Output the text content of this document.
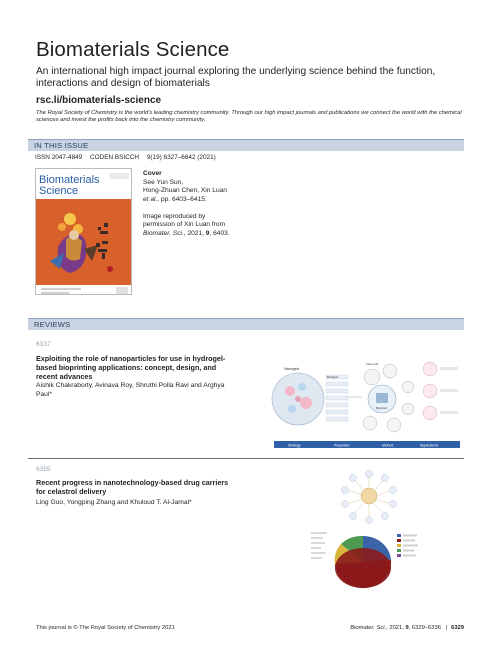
Biomaterials Science
An international high impact journal exploring the underlying science behind the function, interactions and design of biomaterials
rsc.li/biomaterials-science
The Royal Society of Chemistry is the world's leading chemistry community. Through our high impact journals and publications we connect the world with the chemical sciences and invest the profits back into the chemistry community.
IN THIS ISSUE
ISSN 2047-4849 CODEN BSICCH 9(19) 6327–6642 (2021)
Biomaterials
Science
Cover
See Yun Sun,
Hong-Zhuan Chen, Xin Luan
et al., pp. 6403–6415.
Image reproduced by
permission of Xin Luan from
Biomater. Sci., 2021, 9, 6403.
REVIEWS
6337
Exploiting the role of nanoparticles for use in hydrogel-based bioprinting applications: concept, design, and recent advances
Aishik Chakraborty, Avinava Roy, Shruthi Polla Ravi and Arghya Paul*
Nanogels
Biological
Cell-to-cell
Bioprinter
Strategy	Properties	Method	Applications
6355
Recent progress in nanotechnology-based drug carriers for celastrol delivery
Ling Guo, Yongping Zhang and Khuloud T. Al-Jamal*
This journal is © The Royal Society of Chemistry 2021	Biomater. Sci., 2021, 9, 6329–6336 | 6329
